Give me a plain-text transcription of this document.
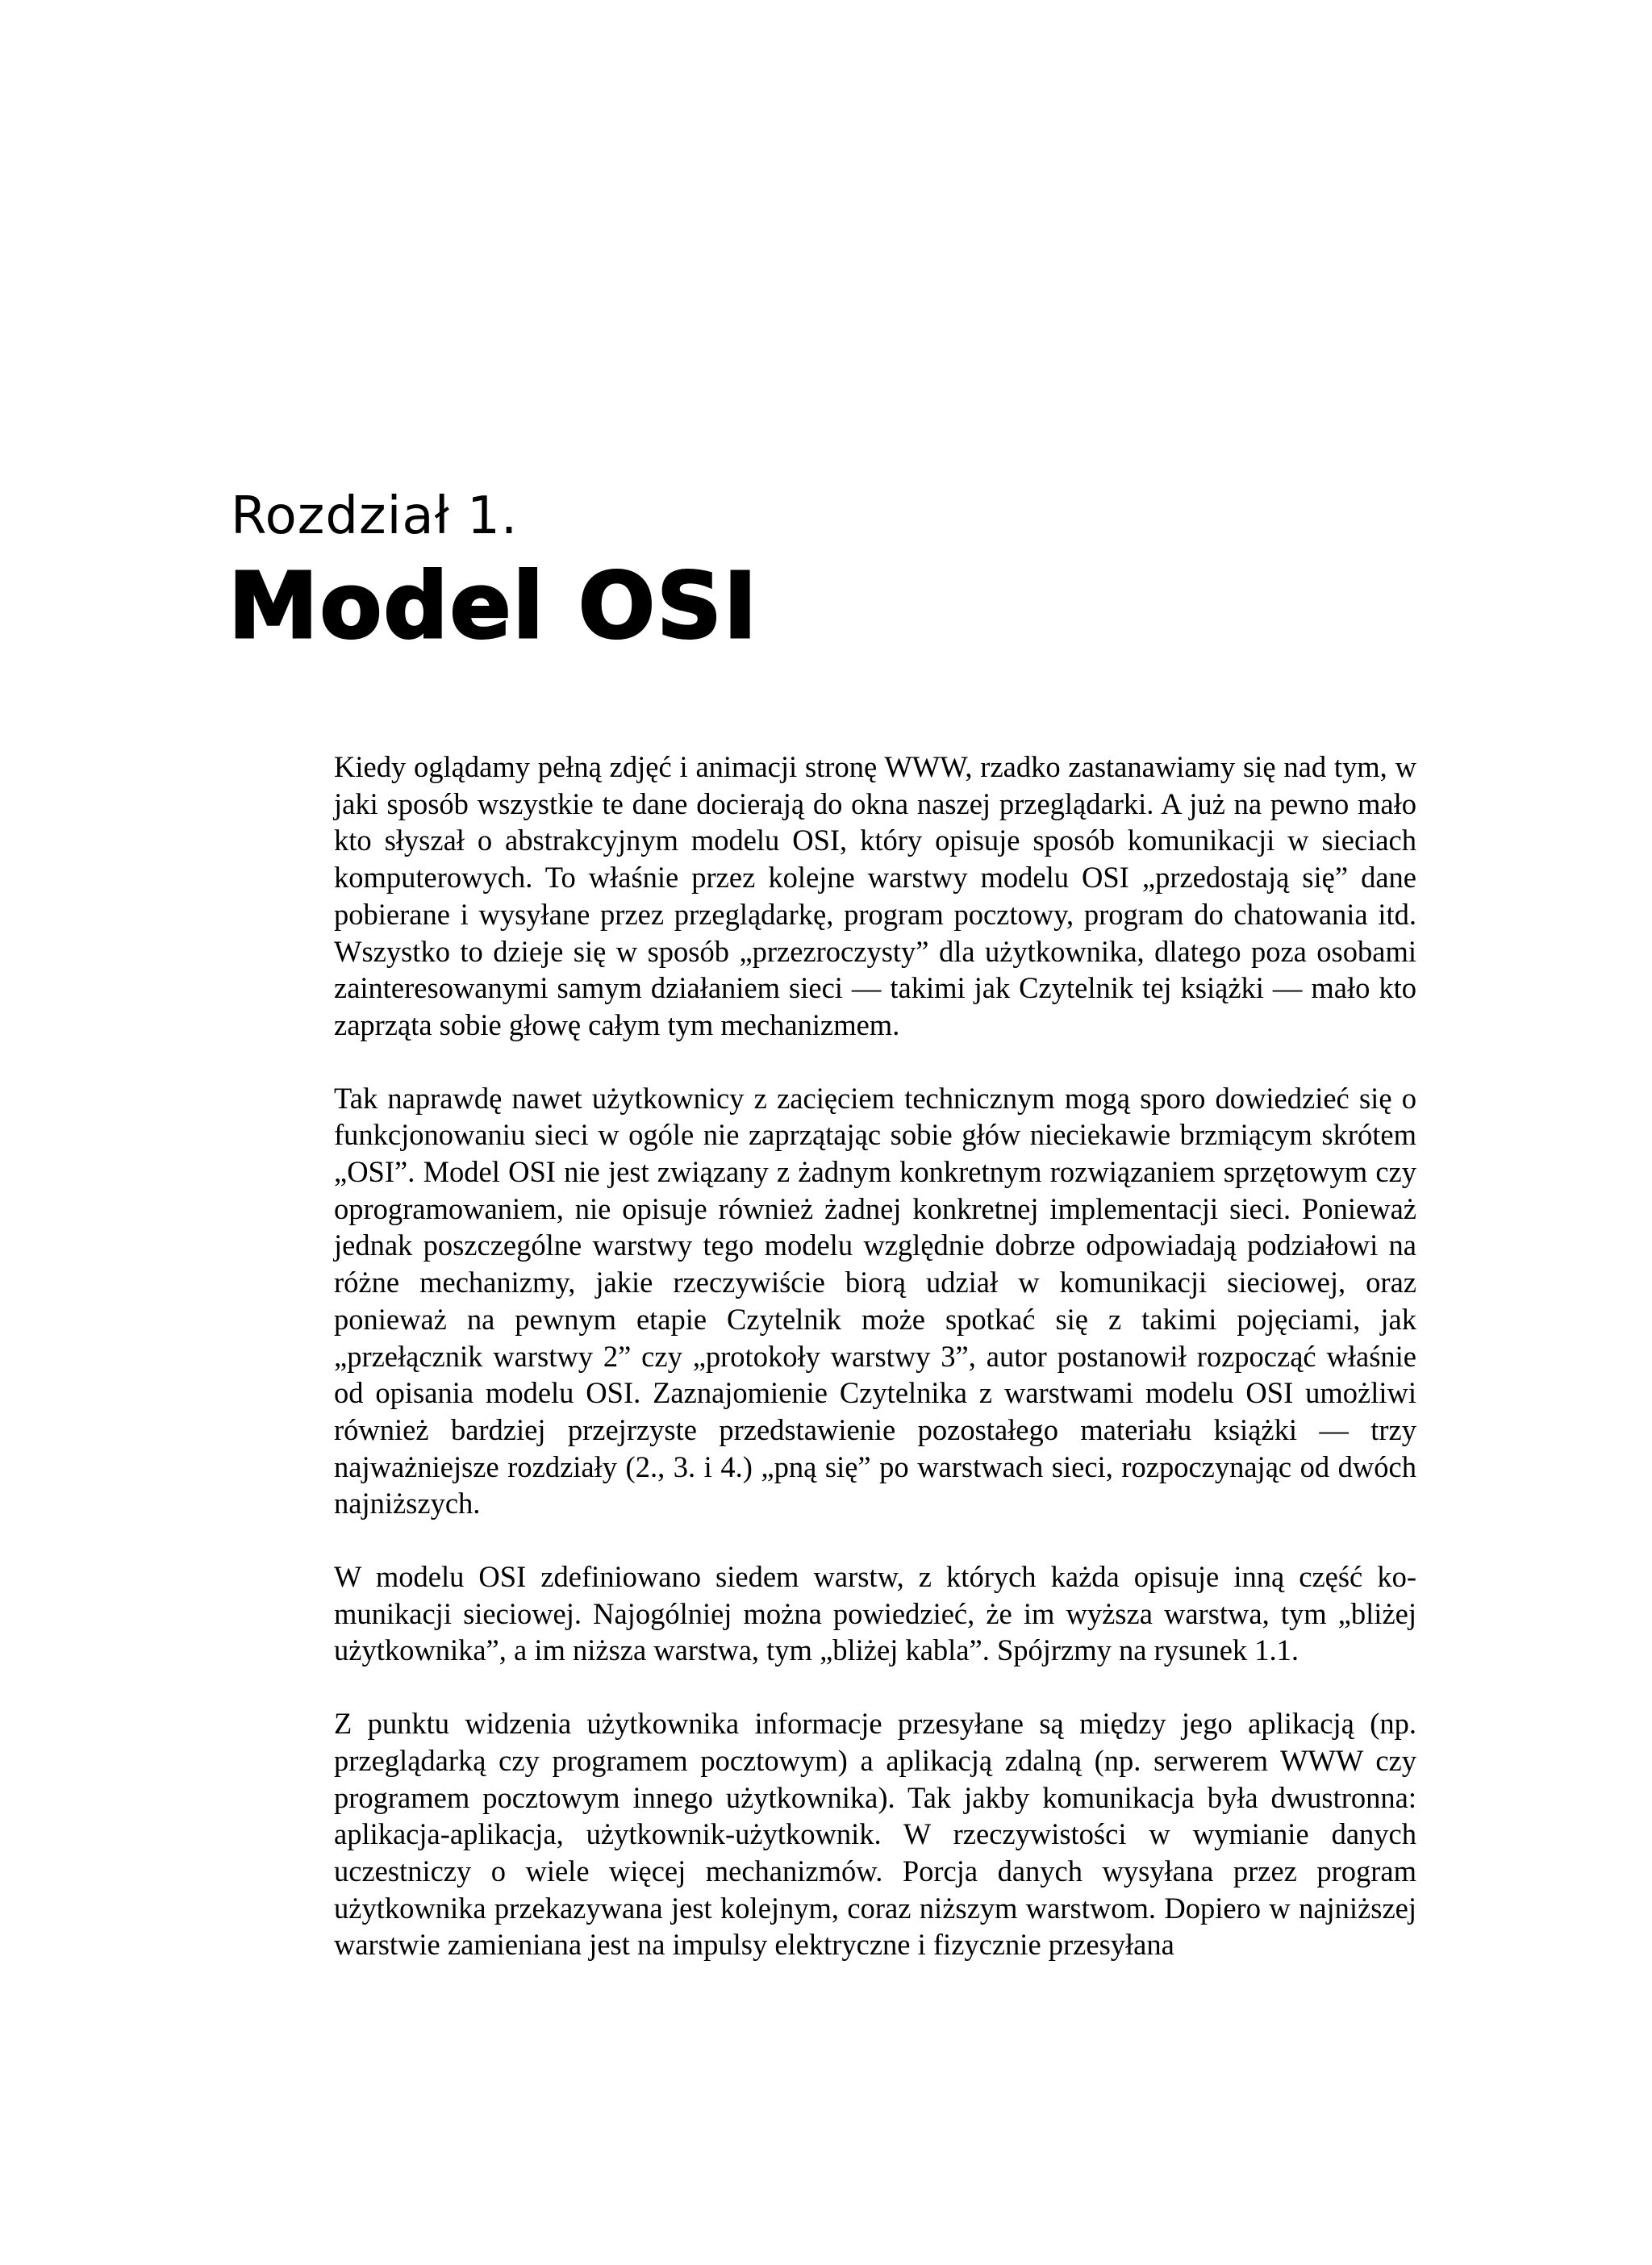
Rozdział 1.
Model OSI

Kiedy oglądamy pełną zdjęć i animacji stronę WWW, rzadko zastanawiamy się nad tym, w jaki sposób wszystkie te dane docierają do okna naszej przeglądarki. A już na pewno mało kto słyszał o abstrakcyjnym modelu OSI, który opisuje sposób komunikacji w sieciach komputerowych. To właśnie przez kolejne warstwy modelu OSI „przedostają się” dane pobierane i wysyłane przez przeglądarkę, program pocztowy, program do chatowania itd. Wszystko to dzieje się w sposób „przezroczysty” dla użytkownika, dlatego poza osobami zainteresowanymi samym działaniem sieci — takimi jak Czytelnik tej książki — mało kto zaprząta sobie głowę całym tym mechanizmem.

Tak naprawdę nawet użytkownicy z zacięciem technicznym mogą sporo dowiedzieć się o funkcjonowaniu sieci w ogóle nie zaprzątając sobie głów nieciekawie brzmiącym skrótem „OSI”. Model OSI nie jest związany z żadnym konkretnym rozwiązaniem sprzętowym czy oprogramowaniem, nie opisuje również żadnej konkretnej implementacji sieci. Ponieważ jednak poszczególne warstwy tego modelu względnie dobrze odpowiadają podziałowi na różne mechanizmy, jakie rzeczywiście biorą udział w komunikacji sieciowej, oraz ponieważ na pewnym etapie Czytelnik może spotkać się z takimi pojęciami, jak „przełącznik warstwy 2” czy „protokoły warstwy 3”, autor postanowił rozpocząć właśnie od opisania modelu OSI. Zaznajomienie Czytelnika z warstwami modelu OSI umożliwi również bardziej przejrzyste przedstawienie pozostałego materiału książki — trzy najważniejsze rozdziały (2., 3. i 4.) „pną się” po warstwach sieci, rozpoczynając od dwóch najniższych.

W modelu OSI zdefiniowano siedem warstw, z których każda opisuje inną część komunikacji sieciowej. Najogólniej można powiedzieć, że im wyższa warstwa, tym „bliżej użytkownika”, a im niższa warstwa, tym „bliżej kabla”. Spójrzmy na rysunek 1.1.

Z punktu widzenia użytkownika informacje przesyłane są między jego aplikacją (np. przeglądarką czy programem pocztowym) a aplikacją zdalną (np. serwerem WWW czy programem pocztowym innego użytkownika). Tak jakby komunikacja była dwustronna: aplikacja-aplikacja, użytkownik-użytkownik. W rzeczywistości w wymianie danych uczestniczy o wiele więcej mechanizmów. Porcja danych wysyłana przez program użytkownika przekazywana jest kolejnym, coraz niższym warstwom. Dopiero w najniższej warstwie zamieniana jest na impulsy elektryczne i fizycznie przesyłana
